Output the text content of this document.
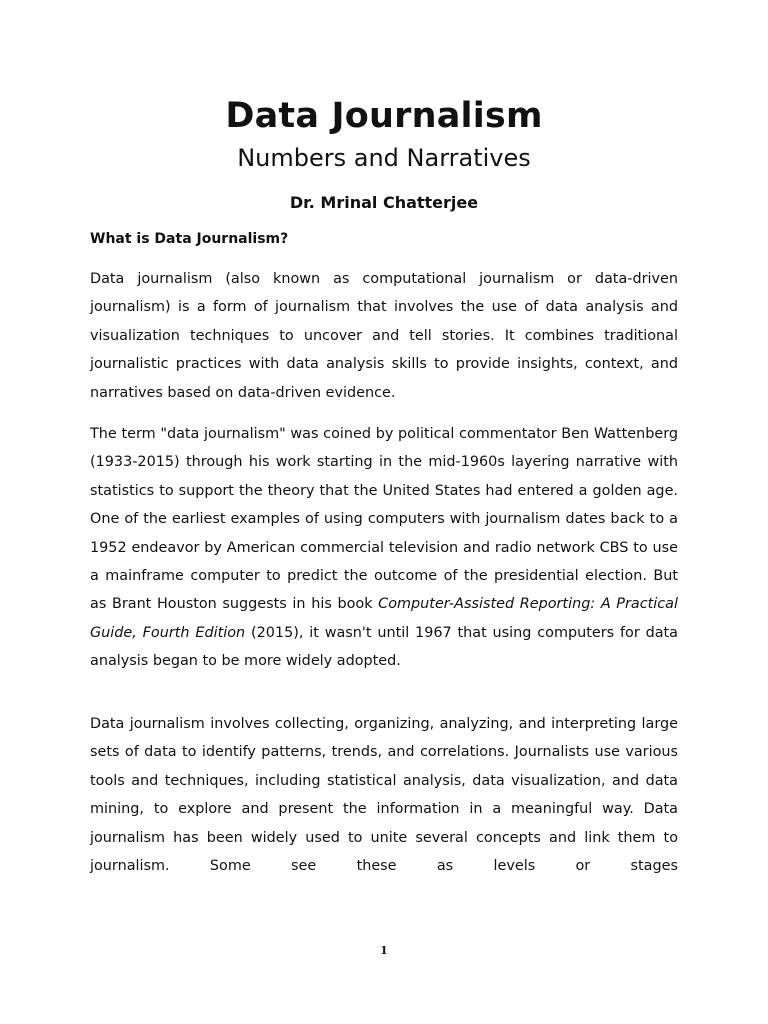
Data Journalism
Numbers and Narratives
Dr. Mrinal Chatterjee
What is Data Journalism?

Data journalism (also known as computational journalism or data-driven journalism) is a form of journalism that involves the use of data analysis and visualization techniques to uncover and tell stories. It combines traditional journalistic practices with data analysis skills to provide insights, context, and narratives based on data-driven evidence.

The term "data journalism" was coined by political commentator Ben Wattenberg (1933-2015) through his work starting in the mid-1960s layering narrative with statistics to support the theory that the United States had entered a golden age. One of the earliest examples of using computers with journalism dates back to a 1952 endeavor by American commercial television and radio network CBS to use a mainframe computer to predict the outcome of the presidential election. But as Brant Houston suggests in his book Computer-Assisted Reporting: A Practical Guide, Fourth Edition (2015), it wasn't until 1967 that using computers for data analysis began to be more widely adopted.

Data journalism involves collecting, organizing, analyzing, and interpreting large sets of data to identify patterns, trends, and correlations. Journalists use various tools and techniques, including statistical analysis, data visualization, and data mining, to explore and present the information in a meaningful way. Data journalism has been widely used to unite several concepts and link them to journalism. Some see these as levels or stages

1
